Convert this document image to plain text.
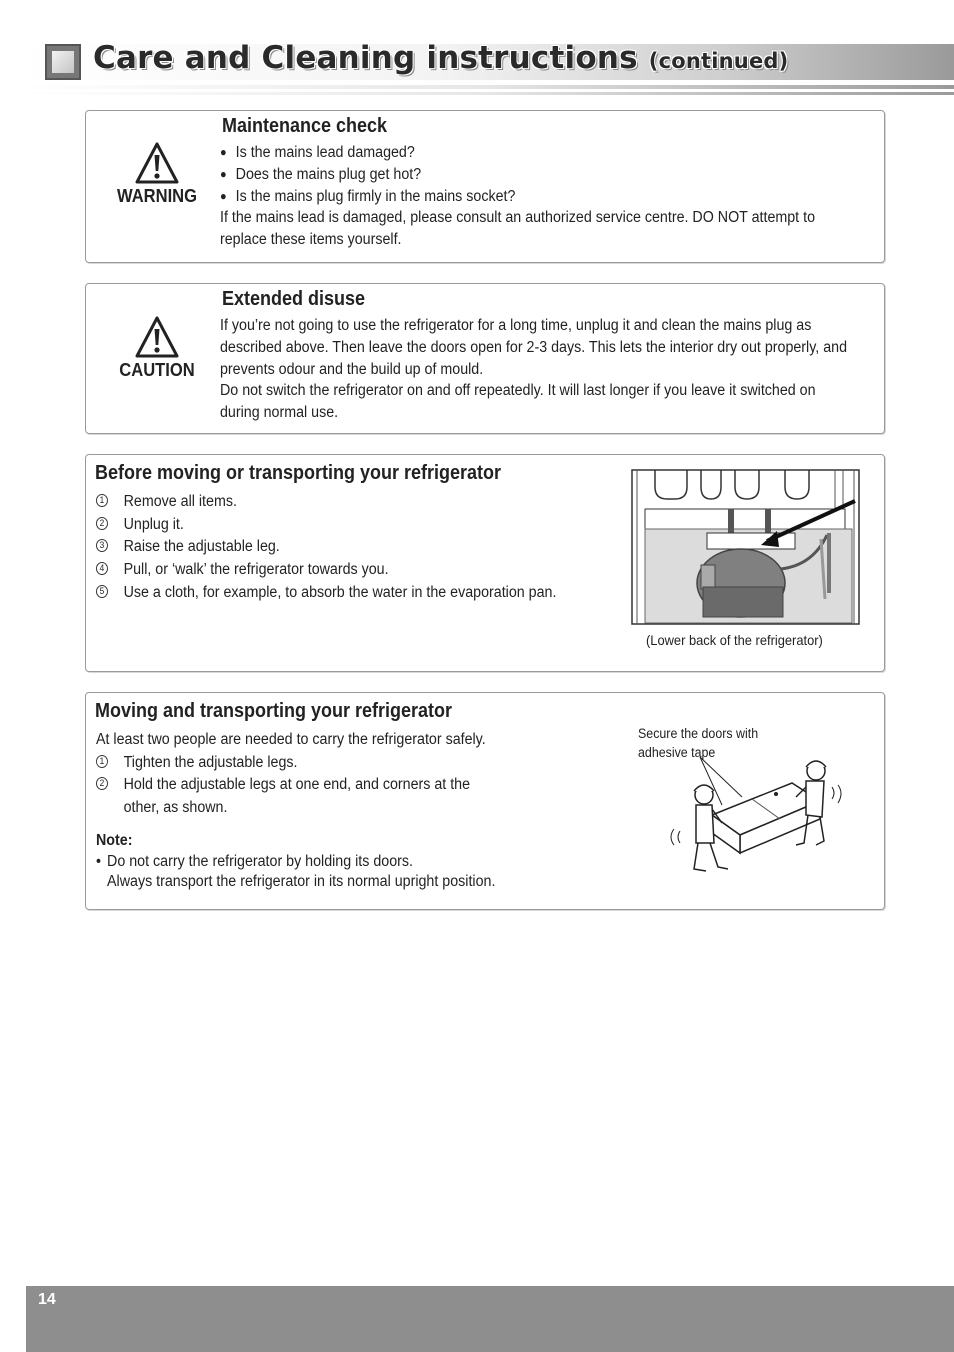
Care and Cleaning instructions (continued)
WARNING
Maintenance check
● Is the mains lead damaged?
● Does the mains plug get hot?
● Is the mains plug firmly in the mains socket?
If the mains lead is damaged, please consult an authorized service centre. DO NOT attempt to
replace these items yourself.
CAUTION
Extended disuse
If you’re not going to use the refrigerator for a long time, unplug it and clean the mains plug as
described above. Then leave the doors open for 2-3 days. This lets the interior dry out properly, and
prevents odour and the build up of mould.
Do not switch the refrigerator on and off repeatedly. It will last longer if you leave it switched on
during normal use.
Before moving or transporting your refrigerator
1 Remove all items.
2 Unplug it.
3 Raise the adjustable leg.
4 Pull, or ‘walk’ the refrigerator towards you.
5 Use a cloth, for example, to absorb the water in the evaporation pan.
(Lower back of the refrigerator)
Moving and transporting your refrigerator
At least two people are needed to carry the refrigerator safely.
1 Tighten the adjustable legs.
2 Hold the adjustable legs at one end, and corners at the
other, as shown.
Note:
• Do not carry the refrigerator by holding its doors.
Always transport the refrigerator in its normal upright position.
Secure the doors with
adhesive tape
14
